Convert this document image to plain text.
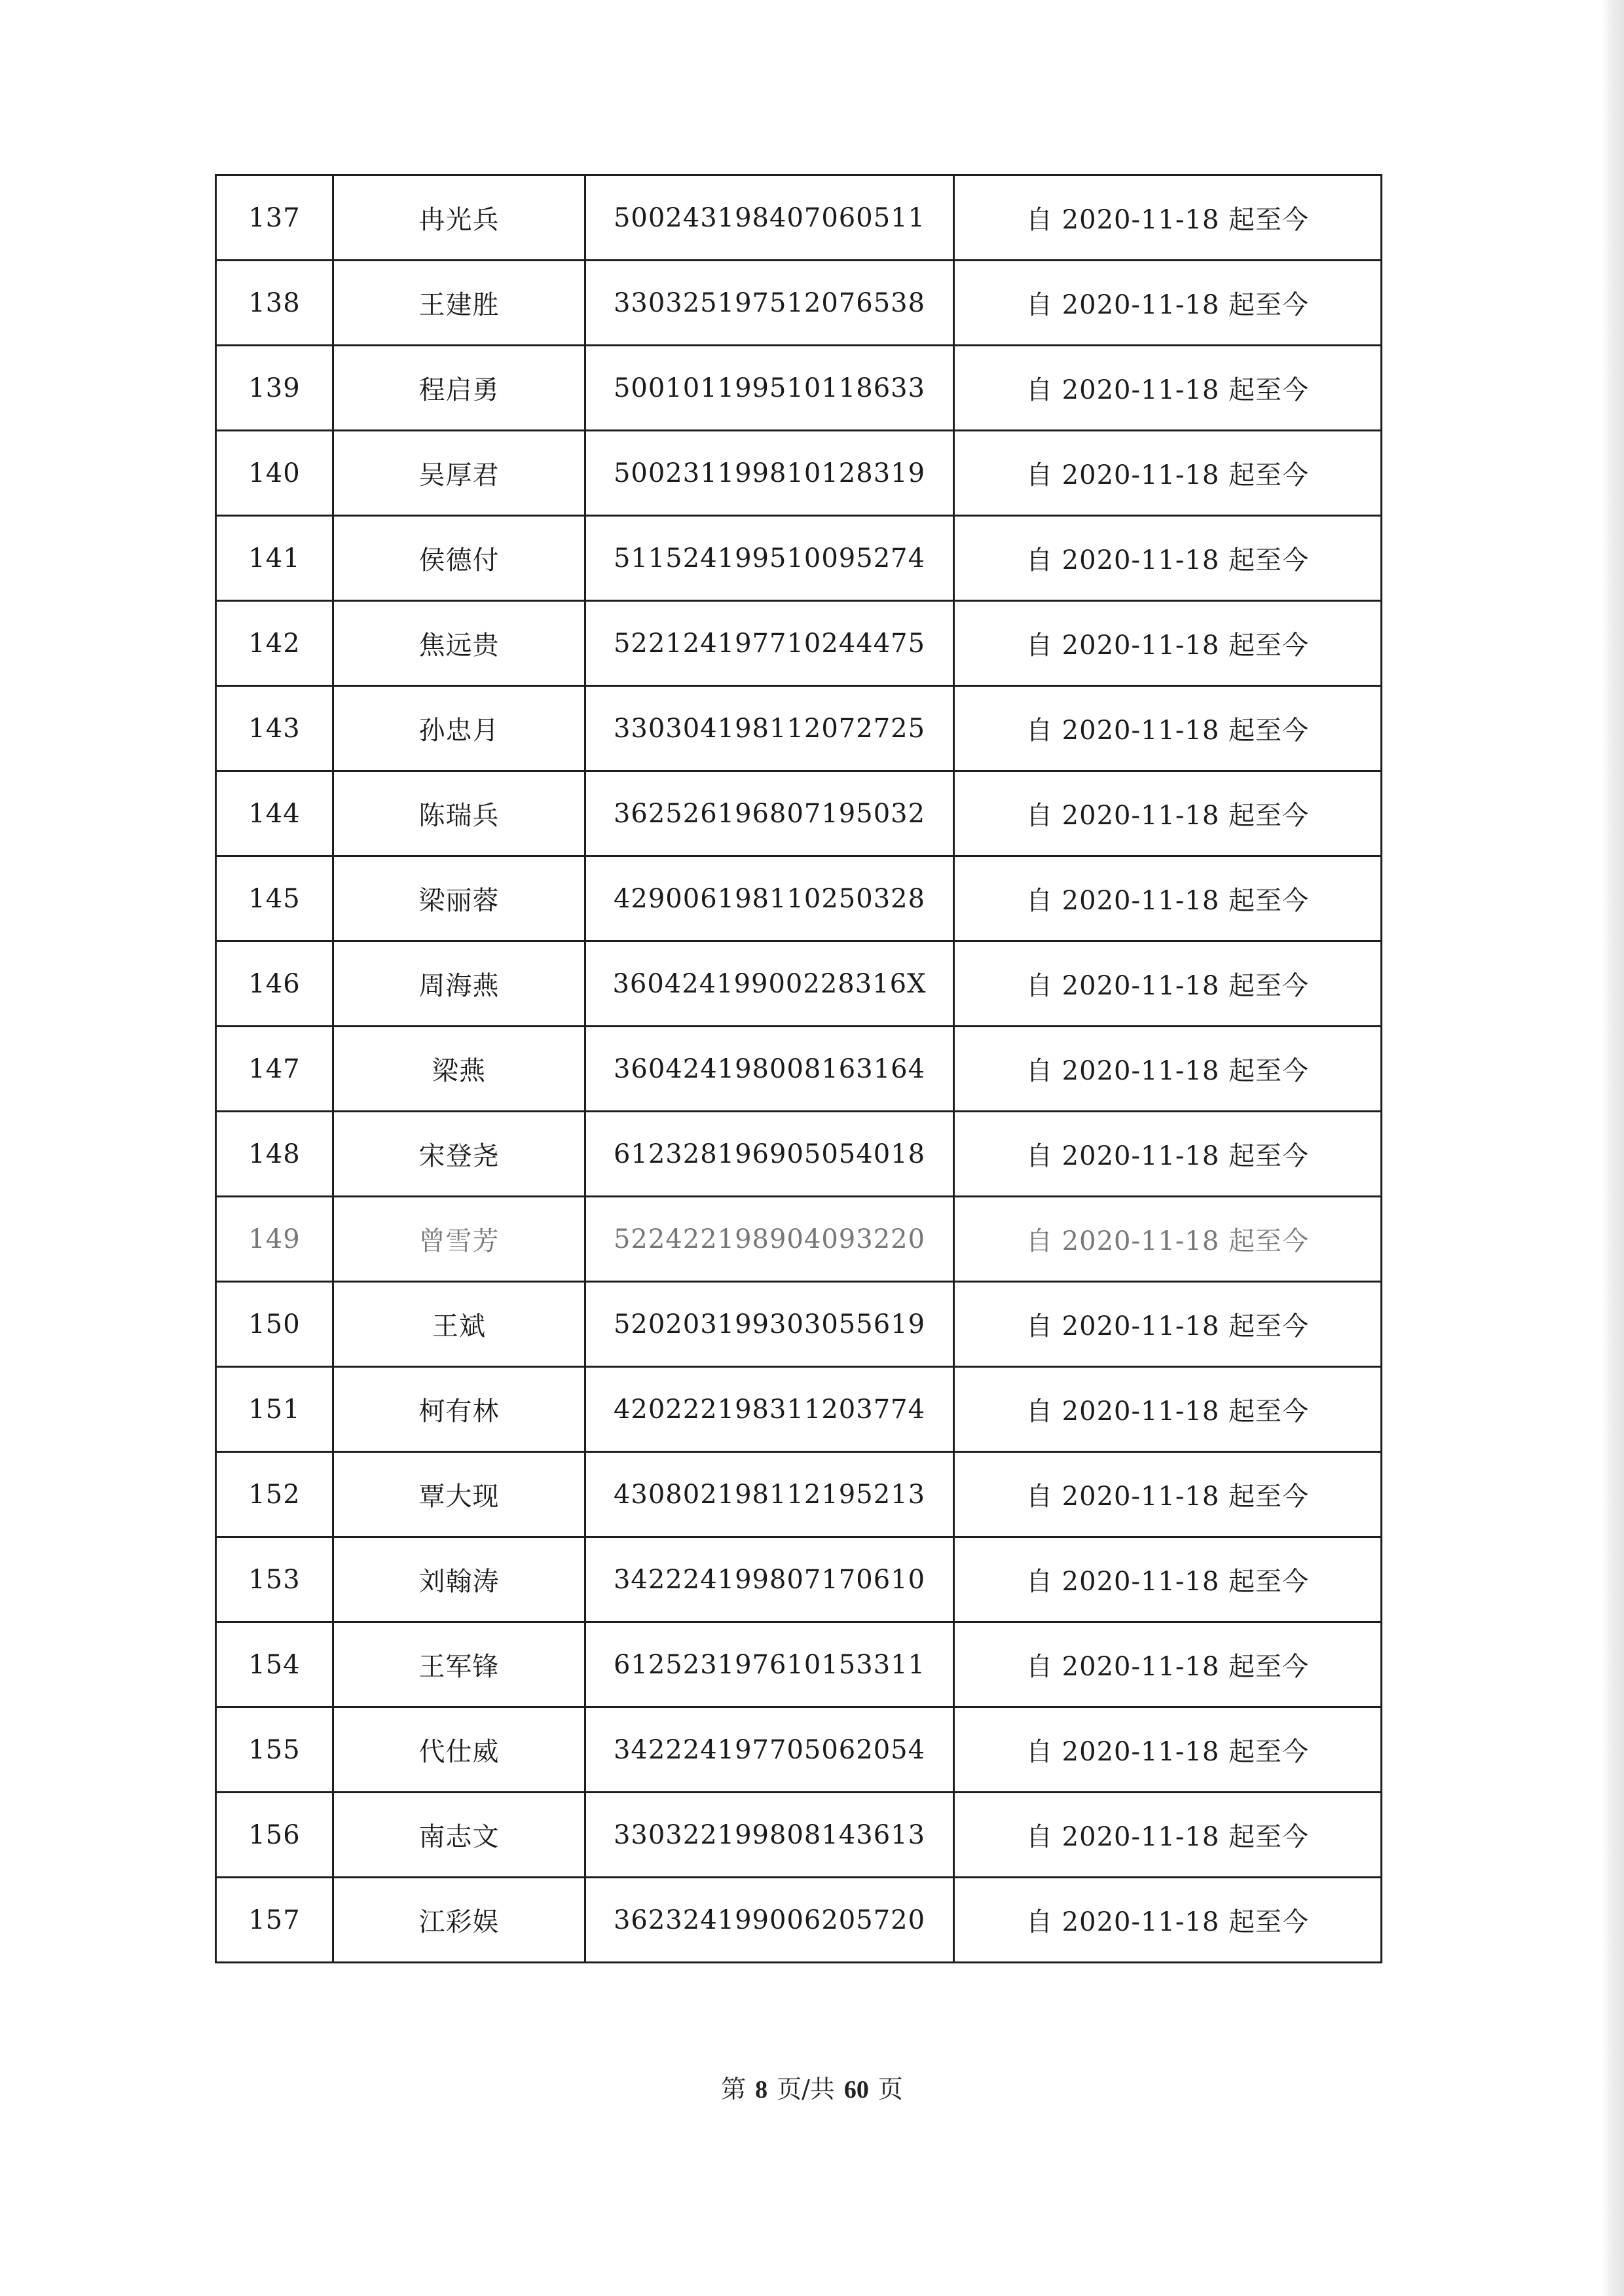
137	冉光兵	500243198407060511	自 2020-11-18 起至今
138	王建胜	330325197512076538	自 2020-11-18 起至今
139	程启勇	500101199510118633	自 2020-11-18 起至今
140	吴厚君	500231199810128319	自 2020-11-18 起至今
141	侯德付	511524199510095274	自 2020-11-18 起至今
142	焦远贵	522124197710244475	自 2020-11-18 起至今
143	孙忠月	330304198112072725	自 2020-11-18 起至今
144	陈瑞兵	362526196807195032	自 2020-11-18 起至今
145	梁丽蓉	429006198110250328	自 2020-11-18 起至今
146	周海燕	36042419900228316X	自 2020-11-18 起至今
147	梁燕	360424198008163164	自 2020-11-18 起至今
148	宋登尧	612328196905054018	自 2020-11-18 起至今
149	曾雪芳	522422198904093220	自 2020-11-18 起至今
150	王斌	520203199303055619	自 2020-11-18 起至今
151	柯有林	420222198311203774	自 2020-11-18 起至今
152	覃大现	430802198112195213	自 2020-11-18 起至今
153	刘翰涛	342224199807170610	自 2020-11-18 起至今
154	王军锋	612523197610153311	自 2020-11-18 起至今
155	代仕威	342224197705062054	自 2020-11-18 起至今
156	南志文	330322199808143613	自 2020-11-18 起至今
157	江彩娱	362324199006205720	自 2020-11-18 起至今
第 8 页/共 60 页
